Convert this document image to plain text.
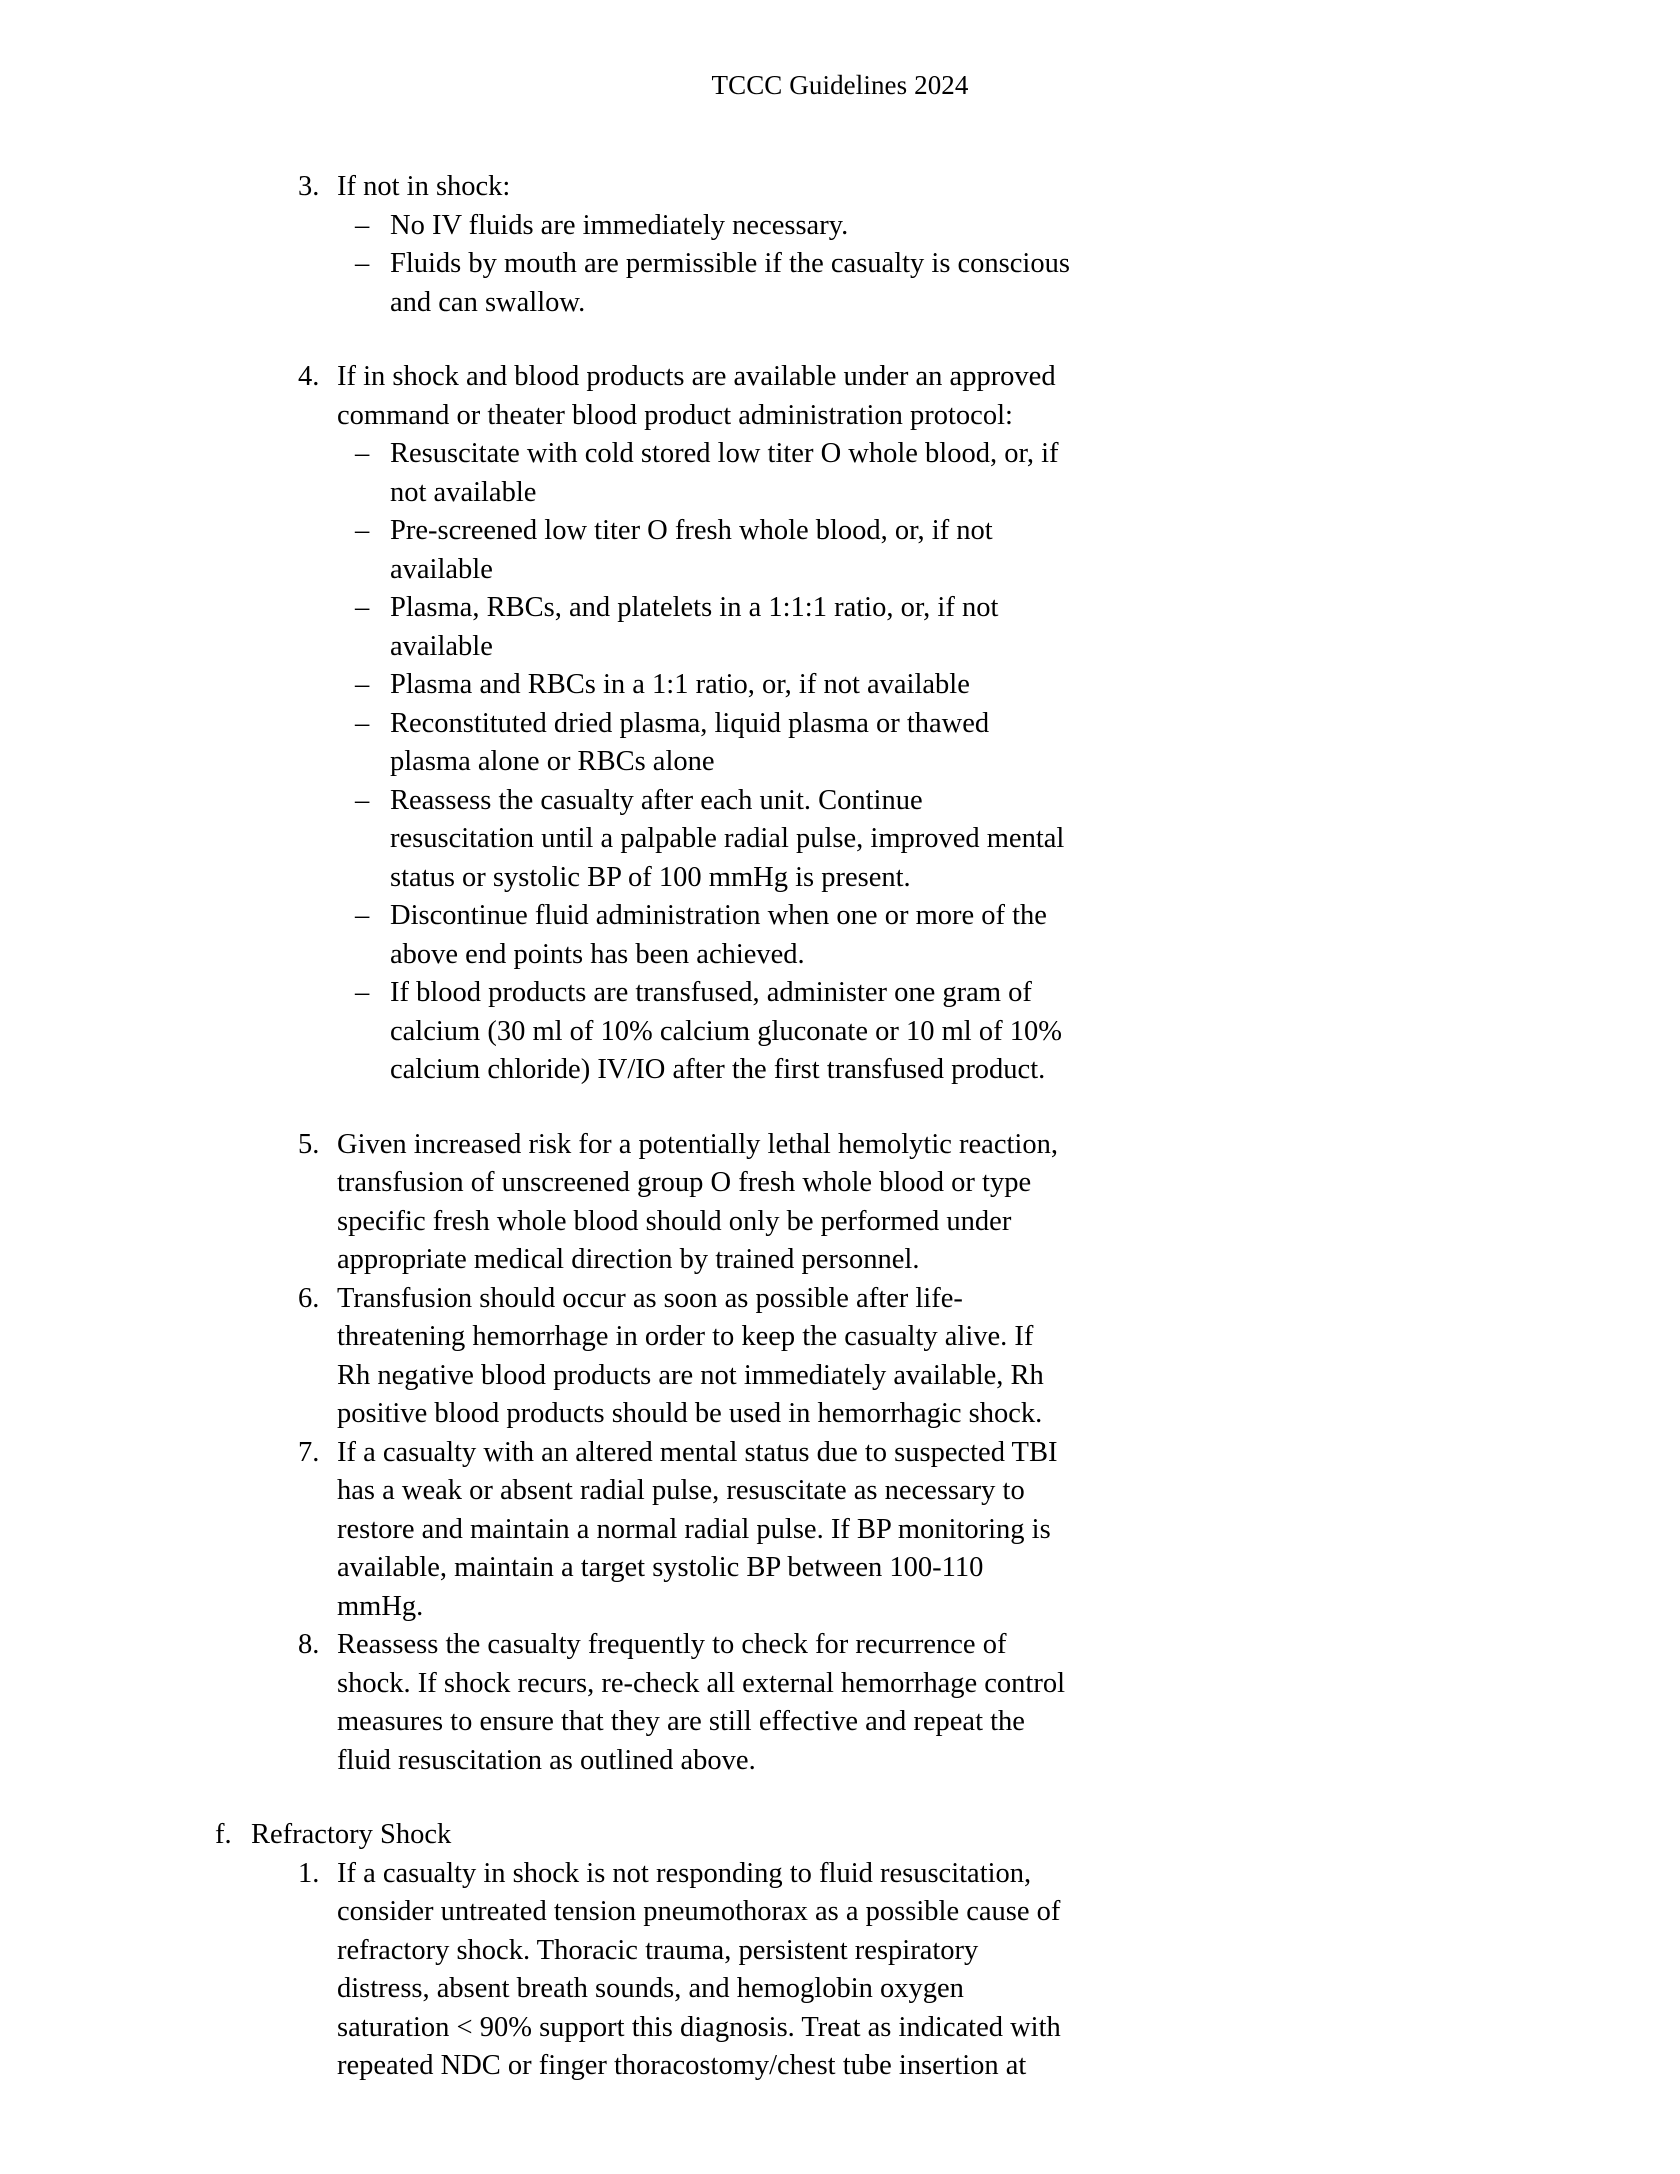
TCCC Guidelines 2024
3. If not in shock:
– No IV fluids are immediately necessary.
– Fluids by mouth are permissible if the casualty is conscious and can swallow.
4. If in shock and blood products are available under an approved command or theater blood product administration protocol:
– Resuscitate with cold stored low titer O whole blood, or, if not available
– Pre-screened low titer O fresh whole blood, or, if not available
– Plasma, RBCs, and platelets in a 1:1:1 ratio, or, if not available
– Plasma and RBCs in a 1:1 ratio, or, if not available
– Reconstituted dried plasma, liquid plasma or thawed plasma alone or RBCs alone
– Reassess the casualty after each unit. Continue resuscitation until a palpable radial pulse, improved mental status or systolic BP of 100 mmHg is present.
– Discontinue fluid administration when one or more of the above end points has been achieved.
– If blood products are transfused, administer one gram of calcium (30 ml of 10% calcium gluconate or 10 ml of 10% calcium chloride) IV/IO after the first transfused product.
5. Given increased risk for a potentially lethal hemolytic reaction, transfusion of unscreened group O fresh whole blood or type specific fresh whole blood should only be performed under appropriate medical direction by trained personnel.
6. Transfusion should occur as soon as possible after life-threatening hemorrhage in order to keep the casualty alive. If Rh negative blood products are not immediately available, Rh positive blood products should be used in hemorrhagic shock.
7. If a casualty with an altered mental status due to suspected TBI has a weak or absent radial pulse, resuscitate as necessary to restore and maintain a normal radial pulse. If BP monitoring is available, maintain a target systolic BP between 100-110 mmHg.
8. Reassess the casualty frequently to check for recurrence of shock. If shock recurs, re-check all external hemorrhage control measures to ensure that they are still effective and repeat the fluid resuscitation as outlined above.
f. Refractory Shock
1. If a casualty in shock is not responding to fluid resuscitation, consider untreated tension pneumothorax as a possible cause of refractory shock. Thoracic trauma, persistent respiratory distress, absent breath sounds, and hemoglobin oxygen saturation < 90% support this diagnosis. Treat as indicated with repeated NDC or finger thoracostomy/chest tube insertion at
